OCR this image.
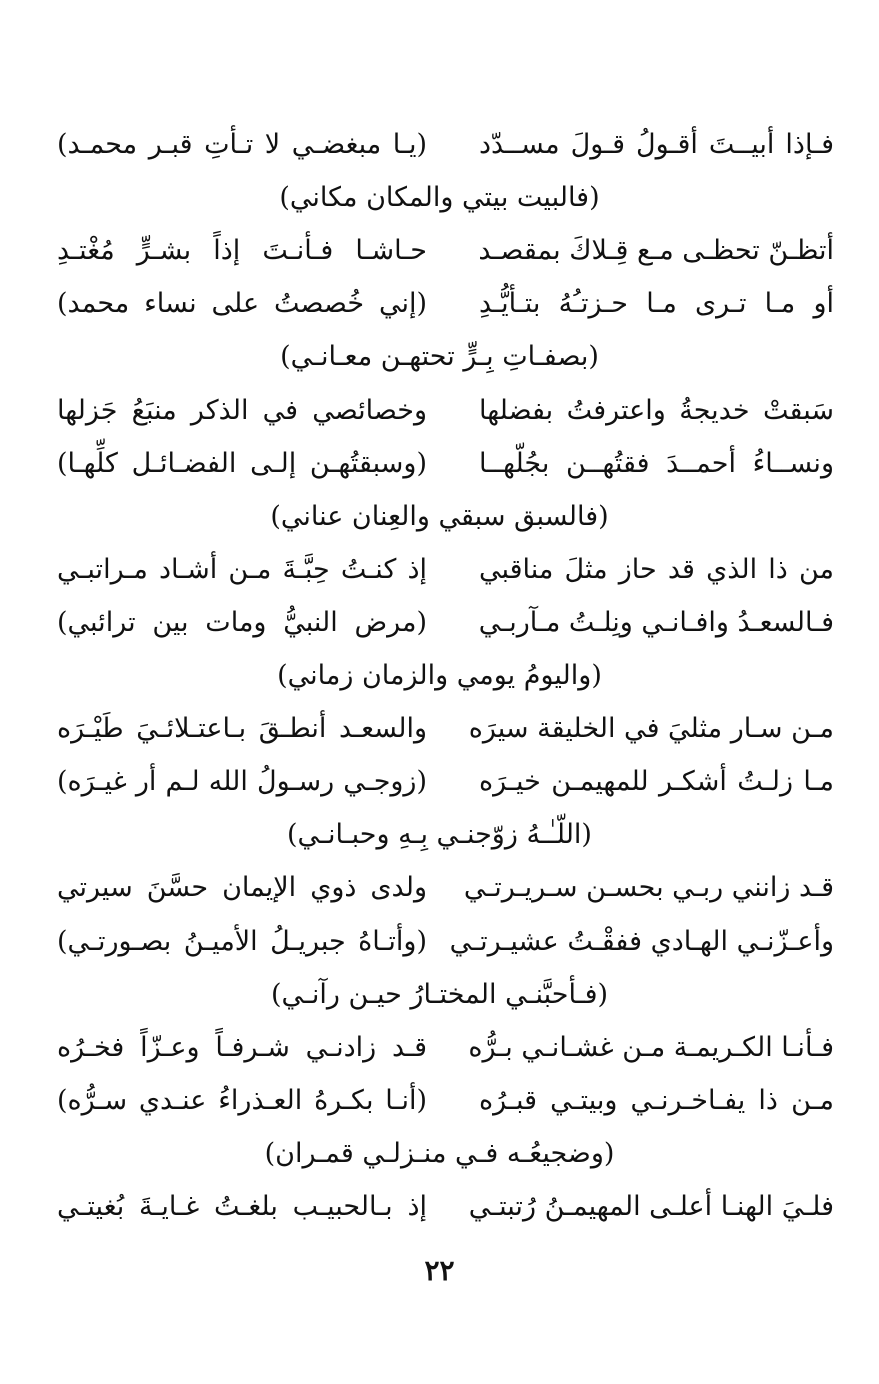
فـإذا أبيــتَ أقـولُ قـولَ مســدّد
(يـا مبغضـي لا تـأتِ قبـر محمـد)
(فالبيت بيتي والمكان مكاني)
أتظـنّ تحظـى مـع قِـلاكَ بمقصـد
حـاشـا فـأنـتَ إذاً بشـرٍّ مُغْتـدِ
أو مـا تـرى مـا حـزتـُهُ بتـأيُّـدِ
(إني خُصصتُ على نساء محمد)
(بصفـاتِ بِـرٍّ تحتهـن معـانـي)
سَبقتْ خديجةُ واعترفتُ بفضلها
وخصائصي في الذكر منبَعُ جَزلها
ونســاءُ أحمــدَ فقتُهــن بجُلّهــا
(وسبقتُهـن إلـى الفضـائـل كلِّهـا)
(فالسبق سبقي والعِنان عناني)
من ذا الذي قد حاز مثلَ مناقبي
إذ كنـتُ حِبَّـةَ مـن أشـاد مـراتبـي
فـالسعـدُ وافـانـي ونِلـتُ مـآربـي
(مرض النبيُّ ومات بين ترائبي)
(واليومُ يومي والزمان زماني)
مـن سـار مثليَ في الخليقة سيرَه
والسعـد أنطـقَ بـاعتـلائـيَ طَيْـرَه
مـا زلـتُ أشكـر للمهيمـن خيـرَه
(زوجـي رسـولُ الله لـم أر غيـرَه)
(اللّـٰـهُ زوّجنـي بِـهِ وحبـانـي)
قـد زانني ربـي بحسـن سـريـرتـي
ولدى ذوي الإيمان حسَّنَ سيرتي
وأعـزّنـي الهـادي ففقْـتُ عشيـرتـي
(وأتـاهُ جبريـلُ الأميـنُ بصـورتـي)
(فـأحبَّنـي المختـارُ حيـن رآنـي)
فـأنـا الكـريمـة مـن غشـانـي بـرُّه
قـد زادنـي شـرفـاً وعـزّاً فخـرُه
مـن ذا يفـاخـرنـي وبيتـي قبـرُه
(أنـا بكـرهُ العـذراءُ عنـدي سـرُّه)
(وضجيعُـه فـي منـزلـي قمـران)
فلـيَ الهنـا أعلـى المهيمـنُ رُتبتـي
إذ بـالحبيـب بلغـتُ غـايـةَ بُغيتـي
٢٢
